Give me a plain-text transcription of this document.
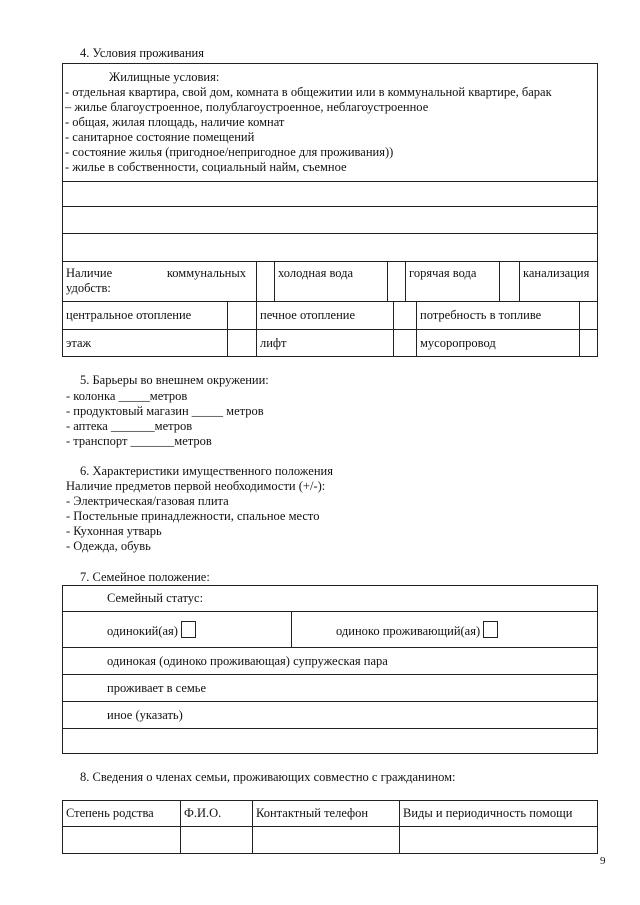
4. Условия проживания
Жилищные условия:
- отдельная квартира, свой дом, комната в общежитии или в коммунальной квартире, барак
– жилье благоустроенное, полублагоустроенное, неблагоустроенное
- общая, жилая площадь, наличие комнат
- санитарное состояние помещений
- состояние жилья (пригодное/непригодное для проживания))
- жилье в собственности, социальный найм, съемное

Наличие	коммунальных
удобств:
		холодная вода		горячая вода		канализация
центральное отопление		печное отопление		потребность в топливе	
этаж		лифт		мусоропровод	
5. Барьеры во внешнем окружении:
- колонка _____метров
- продуктовый магазин _____ метров
- аптека _______метров
- транспорт _______метров
6. Характеристики имущественного положения
Наличие предметов первой необходимости (+/-):
- Электрическая/газовая плита
- Постельные принадлежности, спальное место
- Кухонная утварь
- Одежда, обувь
7. Семейное положение:
Семейный статус:
одинокий(ая)	одиноко проживающий(ая)
одинокая (одиноко проживающая) супружеская пара
проживает в семье
иное (указать)

8. Сведения о членах семьи, проживающих совместно с гражданином:
Степень родства	Ф.И.О.	Контактный телефон	Виды и периодичность помощи

9
